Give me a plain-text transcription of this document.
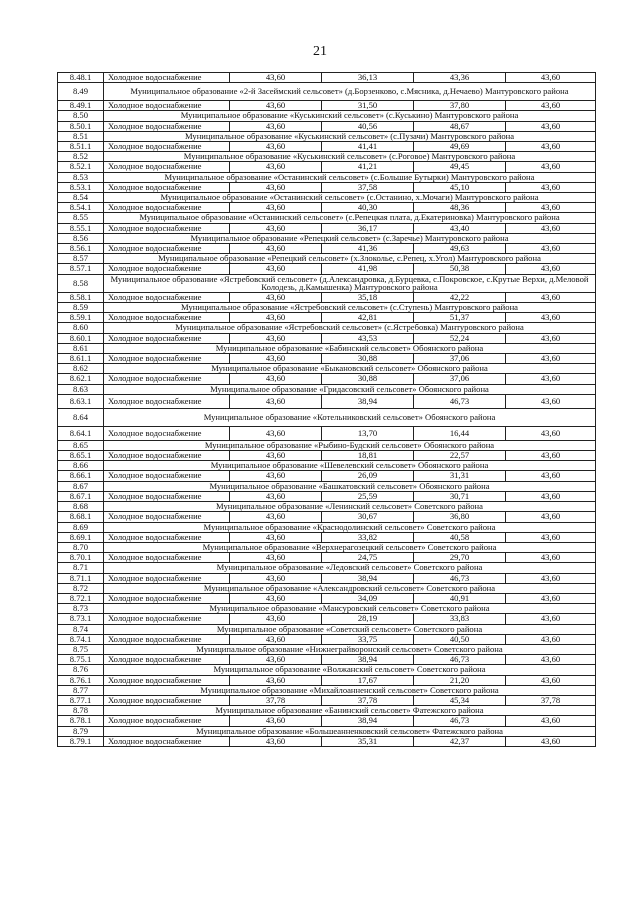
21
8.48.1	Холодное водоснабжение	43,60	36,13	43,36	43,60
8.49	Муниципальное образование «2-й Засеймский сельсовет» (д.Борзенково, с.Мясникa, д.Нечаево) Мантуровского района				
8.49.1	Холодное водоснабжение	43,60	31,50	37,80	43,60
8.50	Муниципальное образование «Куськинский сельсовет» (с.Куськино) Мантуровского района				
8.50.1	Холодное водоснабжение	43,60	40,56	48,67	43,60
8.51	Муниципальное образование «Куськинский сельсовет» (с.Пузачи) Мантуровского района				
8.51.1	Холодное водоснабжение	43,60	41,41	49,69	43,60
8.52	Муниципальное образование «Куськинский сельсовет» (с.Роговое) Мантуровского района				
8.52.1	Холодное водоснабжение	43,60	41,21	49,45	43,60
8.53	Муниципальное образование «Останинский сельсовет» (с.Большие Бутырки) Мантуровского района				
8.53.1	Холодное водоснабжение	43,60	37,58	45,10	43,60
8.54	Муниципальное образование «Останинский сельсовет» (с.Останино, х.Мочаги) Мантуровского района				
8.54.1	Холодное водоснабжение	43,60	40,30	48,36	43,60
8.55	Муниципальное образование «Останинский сельсовет» (с.Репецкая плата, д.Екатериновка) Мантуровского района				
8.55.1	Холодное водоснабжение	43,60	36,17	43,40	43,60
8.56	Муниципальное образование «Репецкий сельсовет» (с.Заречье) Мантуровского района				
8.56.1	Холодное водоснабжение	43,60	41,36	49,63	43,60
8.57	Муниципальное образование «Репецкий сельсовет» (х.Злоколье, с.Репец, х.Угол) Мантуровского района				
8.57.1	Холодное водоснабжение	43,60	41,98	50,38	43,60
8.58	Муниципальное образование «Ястребовский сельсовет» (д.Александровка, д.Бурцевка, с.Покровское, с.Крутые Верхи, д.Меловой Колодезь, д.Камышенка) Мантуровского района				
8.58.1	Холодное водоснабжение	43,60	35,18	42,22	43,60
8.59	Муниципальное образование «Ястребовский сельсовет» (с.Ступень) Мантуровского района				
8.59.1	Холодное водоснабжение	43,60	42,81	51,37	43,60
8.60	Муниципальное образование «Ястребовский сельсовет» (с.Ястребовка) Мантуровского района				
8.60.1	Холодное водоснабжение	43,60	43,53	52,24	43,60
8.61	Муниципальное образование «Бабинский сельсовет» Обоянского района				
8.61.1	Холодное водоснабжение	43,60	30,88	37,06	43,60
8.62	Муниципальное образование «Быкановский сельсовет» Обоянского района				
8.62.1	Холодное водоснабжение	43,60	30,88	37,06	43,60
8.63	Муниципальное образование «Гридасовский сельсовет» Обоянского района				
8.63.1	Холодное водоснабжение	43,60	38,94	46,73	43,60
8.64	Муниципальное образование «Котельниковский сельсовет» Обоянского района				
8.64.1	Холодное водоснабжение	43,60	13,70	16,44	43,60
8.65	Муниципальное образование «Рыбино-Будский сельсовет» Обоянского района				
8.65.1	Холодное водоснабжение	43,60	18,81	22,57	43,60
8.66	Муниципальное образование «Шевелевский сельсовет» Обоянского района				
8.66.1	Холодное водоснабжение	43,60	26,09	31,31	43,60
8.67	Муниципальное образование «Башкатовский сельсовет» Обоянского района				
8.67.1	Холодное водоснабжение	43,60	25,59	30,71	43,60
8.68	Муниципальное образование «Ленинский сельсовет» Советского района				
8.68.1	Холодное водоснабжение	43,60	30,67	36,80	43,60
8.69	Муниципальное образование «Краснодолинский сельсовет» Советского района				
8.69.1	Холодное водоснабжение	43,60	33,82	40,58	43,60
8.70	Муниципальное образование «Верхнерагозецкий сельсовет» Советского района				
8.70.1	Холодное водоснабжение	43,60	24,75	29,70	43,60
8.71	Муниципальное образование «Ледовский сельсовет» Советского района				
8.71.1	Холодное водоснабжение	43,60	38,94	46,73	43,60
8.72	Муниципальное образование «Александровский сельсовет» Советского района				
8.72.1	Холодное водоснабжение	43,60	34,09	40,91	43,60
8.73	Муниципальное образование «Мансуровский сельсовет» Советского района				
8.73.1	Холодное водоснабжение	43,60	28,19	33,83	43,60
8.74	Муниципальное образование «Советский сельсовет» Советского района				
8.74.1	Холодное водоснабжение	43,60	33,75	40,50	43,60
8.75	Муниципальное образование «Нижнеграйворонский сельсовет» Советского района				
8.75.1	Холодное водоснабжение	43,60	38,94	46,73	43,60
8.76	Муниципальное образование «Волжанский сельсовет» Советского района				
8.76.1	Холодное водоснабжение	43,60	17,67	21,20	43,60
8.77	Муниципальное образование «Михайлоанненский сельсовет» Советского района				
8.77.1	Холодное водоснабжение	37,78	37,78	45,34	37,78
8.78	Муниципальное образование «Банинский сельсовет» Фатежского района				
8.78.1	Холодное водоснабжение	43,60	38,94	46,73	43,60
8.79	Муниципальное образование «Большеанненковский сельсовет» Фатежского района				
8.79.1	Холодное водоснабжение	43,60	35,31	42,37	43,60
